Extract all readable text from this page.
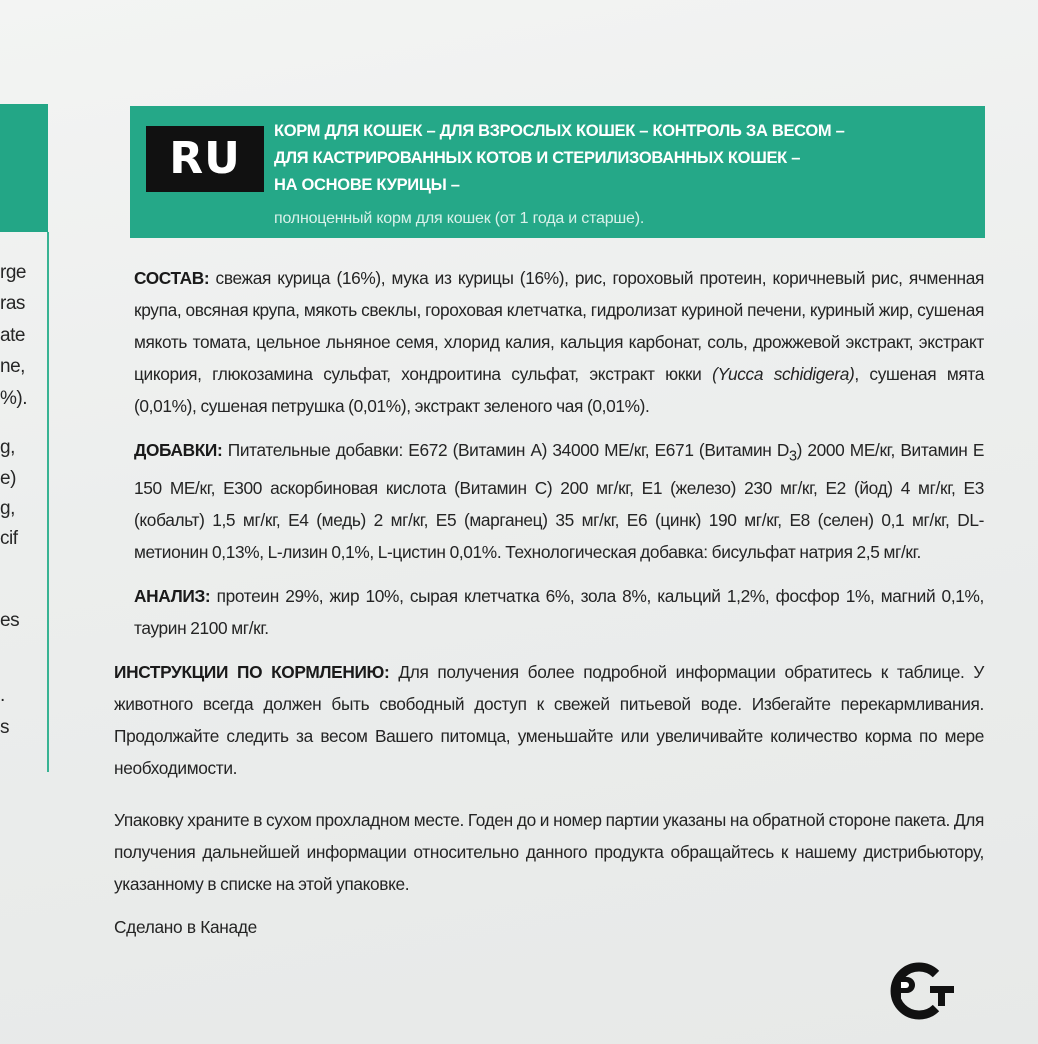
rge
ras
ate
ne,
%).
g,
e)
g,
cif
es
.
s
RU
КОРМ ДЛЯ КОШЕК – ДЛЯ ВЗРОСЛЫХ КОШЕК – КОНТРОЛЬ ЗА ВЕСОМ –
ДЛЯ КАСТРИРОВАННЫХ КОТОВ И СТЕРИЛИЗОВАННЫХ КОШЕК –
НА ОСНОВЕ КУРИЦЫ –
полноценный корм для кошек (от 1 года и старше).

СОСТАВ: свежая курица (16%), мука из курицы (16%), рис, гороховый протеин, коричневый рис, ячменная крупа, овсяная крупа, мякоть свеклы, гороховая клетчатка, гидролизат куриной печени, куриный жир, сушеная мякоть томата, цельное льняное семя, хлорид калия, кальция карбонат, соль, дрожжевой экстракт, экстракт цикория, глюкозамина сульфат, хондроитина сульфат, экстракт юкки (Yucca schidigera), сушеная мята (0,01%), сушеная петрушка (0,01%), экстракт зеленого чая (0,01%).

ДОБАВКИ: Питательные добавки: E672 (Витамин A) 34000 МЕ/кг, E671 (Витамин $D_3$) 2000 МЕ/кг, Витамин E 150 МЕ/кг, E300 аскорбиновая кислота (Витамин C) 200 мг/кг, E1 (железо) 230 мг/кг, E2 (йод) 4 мг/кг, E3 (кобальт) 1,5 мг/кг, E4 (медь) 2 мг/кг, E5 (марганец) 35 мг/кг, E6 (цинк) 190 мг/кг, E8 (селен) 0,1 мг/кг, DL-метионин 0,13%, L-лизин 0,1%, L-цистин 0,01%. Технологическая добавка: бисульфат натрия 2,5 мг/кг.

АНАЛИЗ: протеин 29%, жир 10%, сырая клетчатка 6%, зола 8%, кальций 1,2%, фосфор 1%, магний 0,1%, таурин 2100 мг/кг.

ИНСТРУКЦИИ ПО КОРМЛЕНИЮ: Для получения более подробной информации обратитесь к таблице. У животного всегда должен быть свободный доступ к свежей питьевой воде. Избегайте перекармливания. Продолжайте следить за весом Вашего питомца, уменьшайте или увеличивайте количество корма по мере необходимости.

Упаковку храните в сухом прохладном месте. Годен до и номер партии указаны на обратной стороне пакета. Для получения дальнейшей информации относительно данного продукта обращайтесь к нашему дистрибьютору, указанному в списке на этой упаковке.

Сделано в Канаде
